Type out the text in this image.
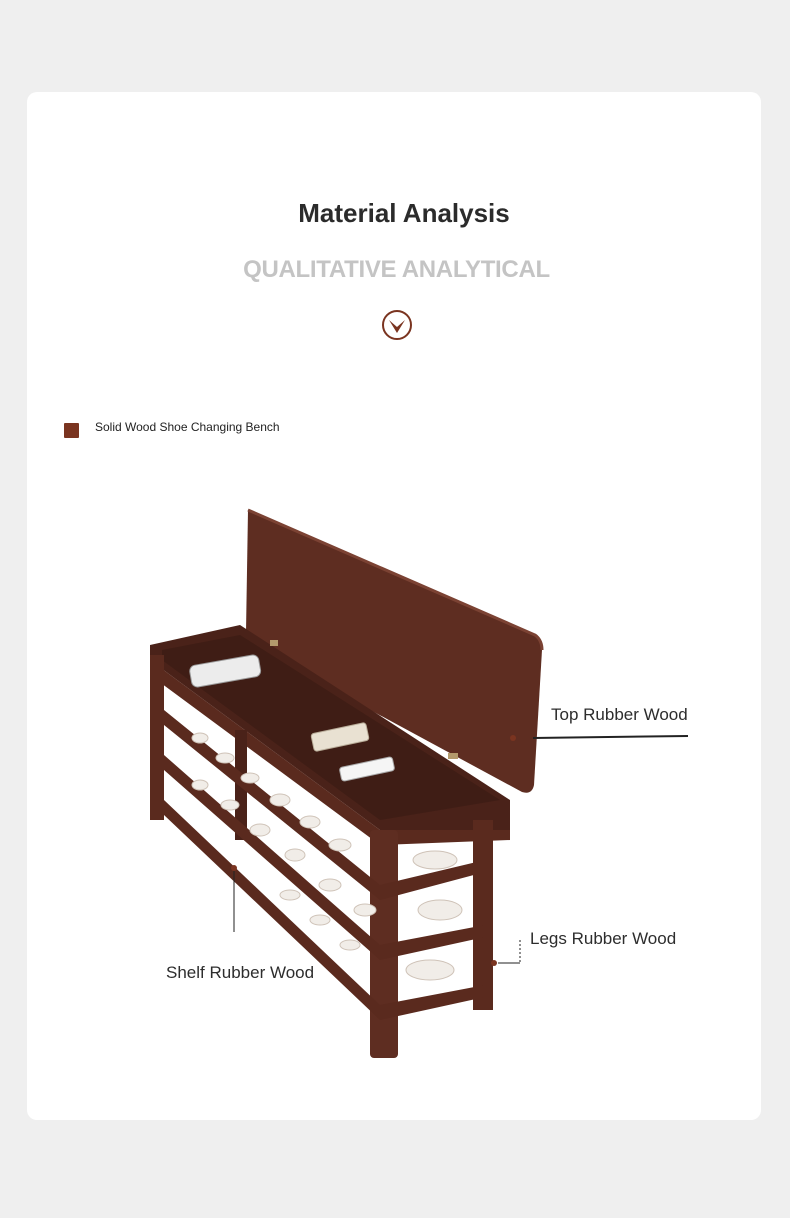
Material Analysis
QUALITATIVE ANALYTICAL
Solid Wood Shoe Changing Bench
Top Rubber Wood
Legs Rubber Wood
Shelf Rubber Wood
